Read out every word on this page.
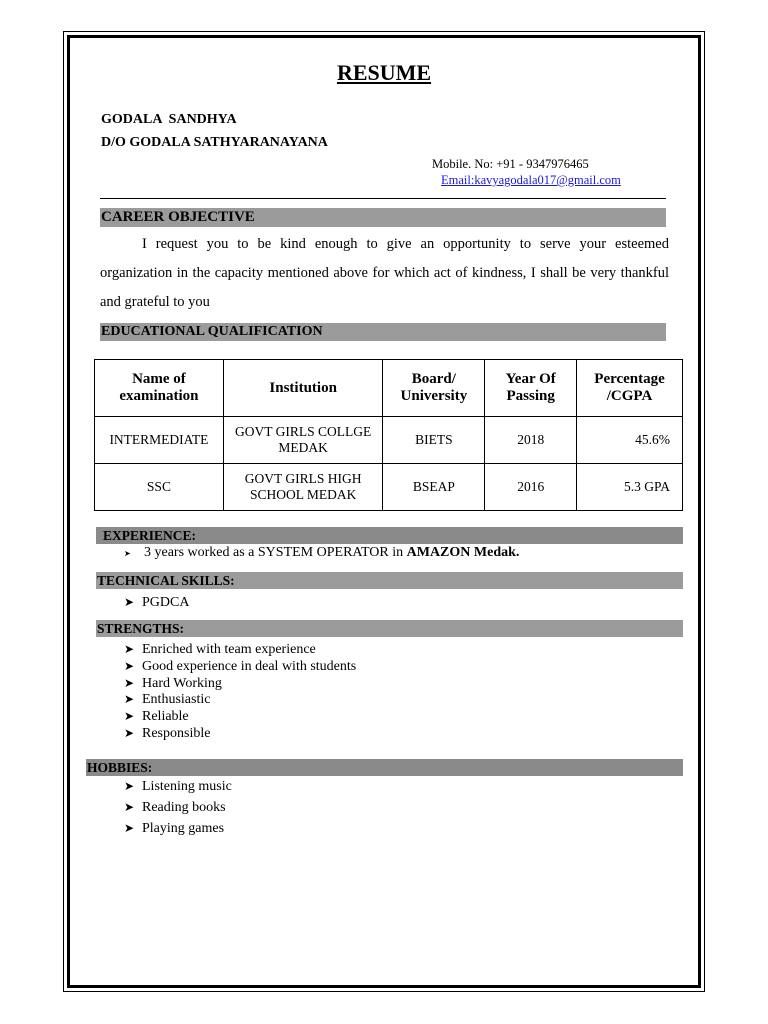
RESUME
GODALA  SANDHYA
D/O GODALA SATHYARANAYANA
Mobile. No: +91 - 9347976465
Email:kavyagodala017@gmail.com
CAREER OBJECTIVE
I request you to be kind enough to give an opportunity to serve your esteemed organization in the capacity mentioned above for which act of kindness, I shall be very thankful and grateful to you
EDUCATIONAL QUALIFICATION
Name of examination	Institution	Board/ University	Year Of Passing	Percentage /CGPA
INTERMEDIATE	GOVT GIRLS COLLGE MEDAK	BIETS	2018	45.6%
SSC	GOVT GIRLS HIGH SCHOOL MEDAK	BSEAP	2016	5.3 GPA
EXPERIENCE:
➤ 3 years worked as a SYSTEM OPERATOR in AMAZON Medak.
TECHNICAL SKILLS:
➤ PGDCA
STRENGTHS:
➤ Enriched with team experience
➤ Good experience in deal with students
➤ Hard Working
➤ Enthusiastic
➤ Reliable
➤ Responsible
HOBBIES:
➤ Listening music
➤ Reading books
➤ Playing games
